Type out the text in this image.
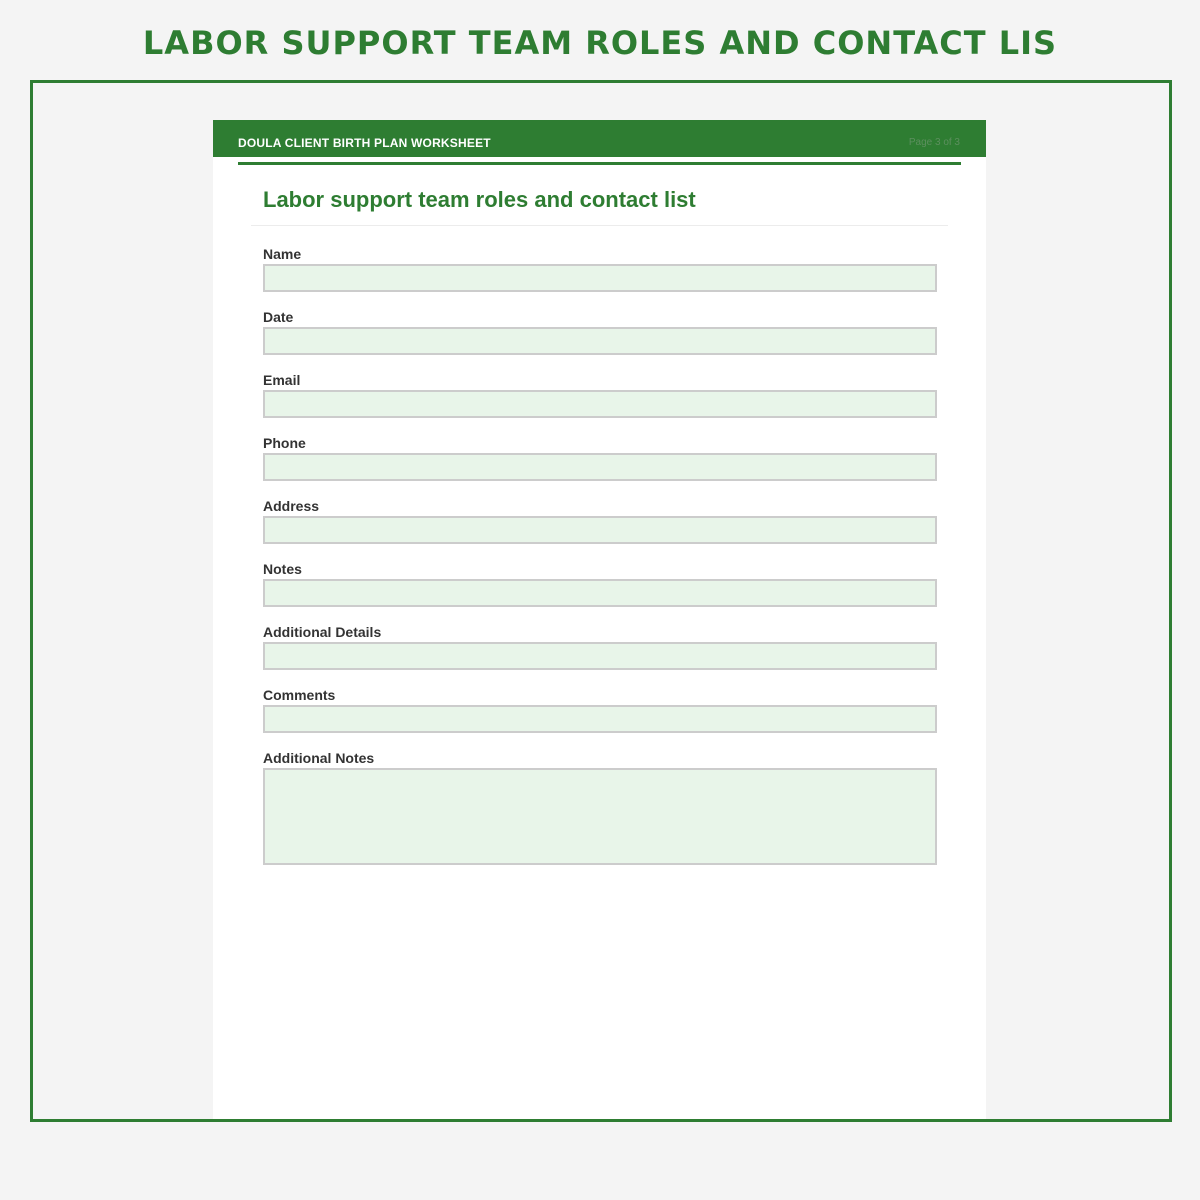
LABOR SUPPORT TEAM ROLES AND CONTACT LIS
DOULA CLIENT BIRTH PLAN WORKSHEET	Page 3 of 3
Labor support team roles and contact list
Name
Date
Email
Phone
Address
Notes
Additional Details
Comments
Additional Notes
